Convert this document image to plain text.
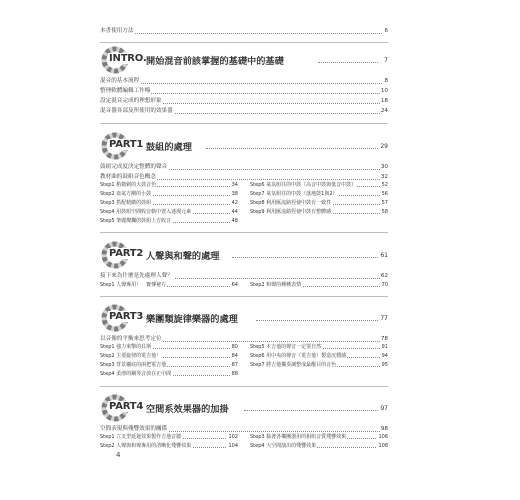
本書使用方法	6
INTRO. 開始混音前該掌握的基礎中的基礎	7
混音的基本流程	8
整理軟體編輯工作檯	10
設定混音完成的理想形象	18
混音器各部及所使用的效果器	24
PART1 鼓組的處理	29
鼓組完成度決定整體的聲音	30
教材曲的鼓組音色概念	32
Step1 稍微刺的大鼓音色	34
Step2 血氣方剛的小鼓	38
Step3 搭配精緻的鼓組	42
Step4 用鼓組空間收音軌中置入迷漫元素	44
Step5 筆麗燦爛的鼓組上方收音	48
Step6 氣氛組往的中鼓（高音中鼓與低音中鼓）	52
Step7 氣氛組往的中鼓（落地鼓1與2）	56
Step8 利用匯流路徑使中鼓有一致性	57
Step9 利用匯流路徑使中鼓有整體感	58
PART2 人聲與和聲的處理	61
接下來為什麼是先處理人聲？	62
Step1 人聲專用！　寶傳祕方	64 Step2 和聲的種種表情	70
PART3 樂團類旋律樂器的處理	77
以音像的平衡來思考定位	78
Step1 強力來擊的貝斯	80
Step2 主要旋律的電吉他！	84
Step3 背景襯底的兩把電吉他	87
Step4 柔滑的鋼琴音放在正中間	88
Step5 木吉他的聲音一定要自然	91
Step6 用中央的聲音（電吉他）製造沉穩感	94
Step7 將吉他獨奏調整成最醒目的音色	95
PART4 空間系效果器的加掛	97
空間表現與殘響效果的關係	98
Step1 立叉型延遲效果製作吉他音牆	102
Step2 人聲與和聲專用的清晰化殘響效果	104
Step3 黏著各樂團器用的相組音質殘響效果	106
Step4 大空間演出的殘響效果	108
4
